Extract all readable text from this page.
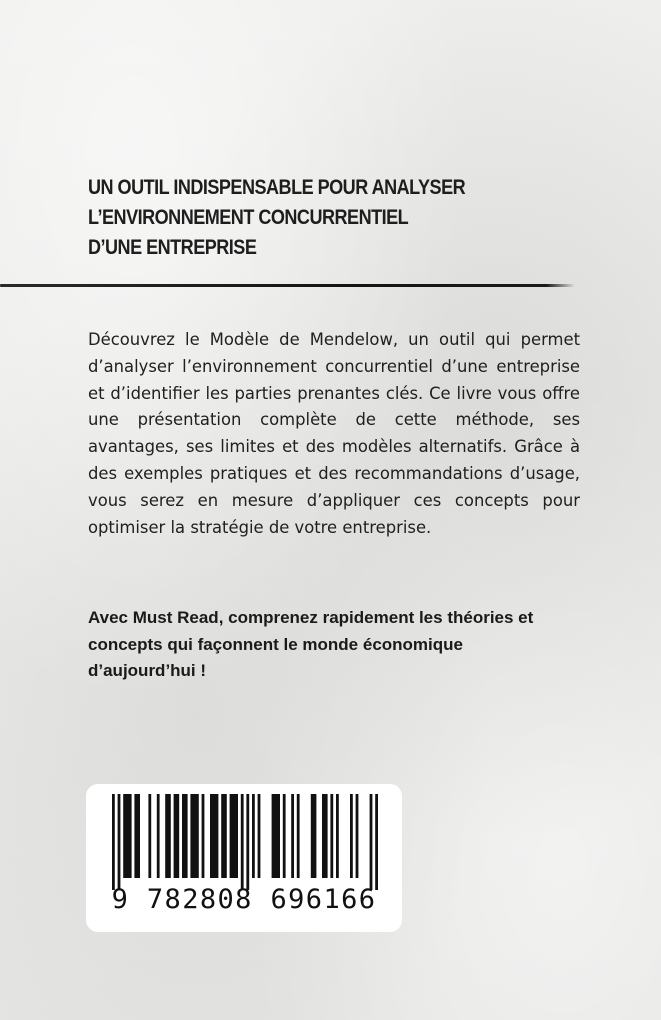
UN OUTIL INDISPENSABLE POUR ANALYSER
L’ENVIRONNEMENT CONCURRENTIEL
D’UNE ENTREPRISE

Découvrez le Modèle de Mendelow, un outil qui permet d’analyser l’environnement concurrentiel d’une entreprise et d’identifier les parties prenantes clés. Ce livre vous offre une présentation complète de cette méthode, ses avantages, ses limites et des modèles alternatifs. Grâce à des exemples pratiques et des recommandations d’usage, vous serez en mesure d’appliquer ces concepts pour optimiser la stratégie de votre entreprise.

Avec Must Read, comprenez rapidement les théories et concepts qui façonnent le monde économique d’aujourd’hui !

9 782808 696166
